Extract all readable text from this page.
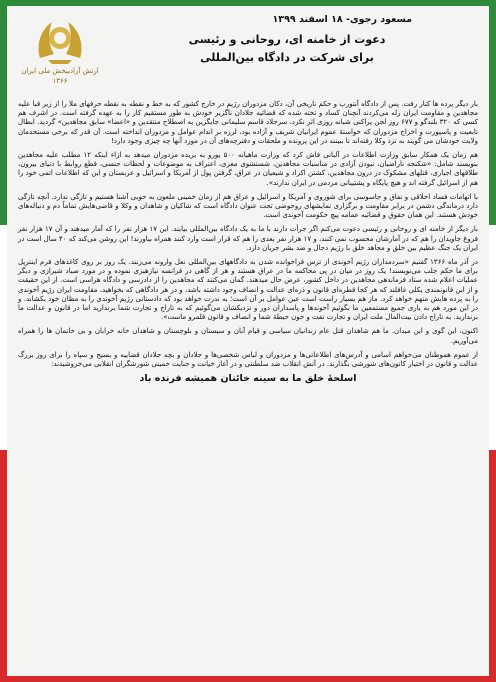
ارتش آزادیبخش ملی ایران
۱۳۶۶

مسعود رجوی- ۱۸ اسفند ۱۳۹۹

دعوت از خامنه ای، روحانی و رئیسی

برای شرکت در دادگاه بین‌المللی

بار دیگر پرده ها کنار رفت. پس از دادگاه آنتورپ و حکم تاریخی آن، دکان مزدوران رژیم در خارج کشور که به خط و نقطه به نقطه ‌حرفهای ملا را از زیر قبا علیه مجاهدین و مقاومت ایران رله می‌کردند آنچنان کساد و تخته شده که قضائیه جلادان ناگزیر خودش به طور مستقیم کار را به عهده گرفته است. در اشرف هم کسی که ۳۲۰ بلندگو و ۶۷۷ روز لجن پراکنی شبانه روزی اثر نکرد، سرجلاد قاسم سلیمانی جایگزین به اصطلاح منتقدین و «اعضا» سابق مجاهدین» گردید. ابطال تابعیت و پاسپورت و اخراج مزدوران که خواستهٔ عموم ایرانیان شریف و آزاده بود، لرزه بر اندام عوامل و مزدوران انداخته است. آن قدر که برخی مستخدمان ولایت خودشان می گویند به تزد وکلا رفته‌اند تا ببینند در این پرونده و ملحقات و دفترچه‌های آن در مورد آنها چه چیزی وجود دارد!

هم زمان یک همکار سابق وزارت اطلاعات در آلبانی فاش کرد که وزارت ماهیانه ۵۰۰ یورو به بریده مزدوران میدهد به ازاء اینکه ۱۲ مطلب علیه مجاهدین بنویسند شامل: «شکنجه ناراضیان، نبودن آزادی در مناسبات مجاهدین، شستشوی مغزی، اعتراف به موضوعات و لحظات جنسی، قطع روابط با دنیای بیرون، طلاقهای اجباری، قتلهای مشکوک در درون مجاهدین، کشتن اکراد و شیعیان در عراق، گرفتن پول از آمریکا و اسرائیل و عربستان و این که اطلاعات اتمی خود را هم از اسرائیل گرفته اند و هیچ پایگاه و پشتیبانی مردمی در ایران ندارند».

با اتهامات فساد اخلاقی و نفاق و جاسوسی برای شوروی و آمریکا و اسرائیل و عراق هم از زمان خمینی ملعون به خوبی آشنا هستیم و تازگی ندارد. آنچه تازگی دارد درماندگی دشمن در برابر مقاومت و برگزاری نمایشهای روحوضی تحت عنوان دادگاه است که شاکیان و شاهدان و وکلا و قاضی‌هایش تماماً دم و دنباله‌های خودش هستند. این همان حقوق و قضائیه عمامه پیچ حکومت آخوندی است.

بار دیگر از خامنه ای و روحانی و رئیسی دعوت می‌کنم اگر جرأت دارند با ما به یک دادگاه بین‌المللی بیایند. این ۱۷ هزار نفر را که آمار میدهند و آن ۱۷ هزار نفر فروغ جاویدان را هم که در آمارشان محسوب نمی کنند، و ۱۷ هزار نفر بعدی را هم که قرار است وارد کنند همراه بیاورند! این روشن می‌کند که ۴۰ سال است در ایران یک جنگ عظیم بین خلق و مجاهد خلق با رژیم دجال و ضد بشر جریان دارد.

در آذر ماه ۱۳۶۶ گفتیم «سردمداران رژیم آخوندی از ترس فراخوانده شدن به دادگاههای بین‌المللی نعل وارونه می‌زنند. یک روز بر روی کاغذهای فرم اینترپل برای ما حکم جلب می‌نویسند! یک روز در میان در پی محاکمه ما در عراق هستند و هر از گاهی در فرانسه نیازهیزی نموده و در مورد صیاد شیرازی و دیگر عملیات اعلام شده ستاد فرماندهی مجاهدین در داخل کشور، عرض حال میدهند. گمان می‌کنند که مجاهدین را از دادرسی و دادگاه هراسی است. از این حقیقت و از این قانونمندی یکلی غافلند که هر کجا قطره‌ای قانون و ذره‌ای عدالت و انصاف وجود داشته باشد، و در هر دادگاهی که بخواهید، مقاومت ایران رژیم آخوندی را به پرده هایش متهم خواهد کرد. ماز هم بسیار راست است عین عوامل بر آن است؛ به ندرت خواهد بود که دادستانی رژیم آخوندی را به مظان خود بکشاند. و در این مورد هم به یاری جمیع مستمعین ما بگوئیم آخوندها و پاسداران دور و نزدیکشان می‌گوئیم که به تاراج و تجارت شما برندارید اما در قانون و عدالت ما برندارید. به تاراج دادن بیت‌المال ملت ایران و تجارت نفت و خون حیطهٔ شما و انصاف و قانون قلمرو ماست».

اکنون، این گوی و این میدان. ما هم شاهدان قتل عام زندانیان سیاسی و قیام آبان و سیستان و بلوچستان و شاهدان خانه خرابان و بی خانمان ها را همراه می‌آوریم.

از عموم هموطنان می‌خواهم اسامی و آدرس‌های اطلاعاتی‌ها و مزدوران و لباس شخصی‌ها و جلادان و بچه جلادان قضاییه و بسیج و سپاه را برای روز بزرگ عدالت و قانون در اختیار کانون‌های شورشی بگذارند. در آتش انقلاب ضد سلطنتی و در آغاز خیانت و جنایت خمینی شورشگران انقلابی می‌خروشیدند:

اسلحهٔ خلق ما به سینه خائنان همیشه فرنده باد
